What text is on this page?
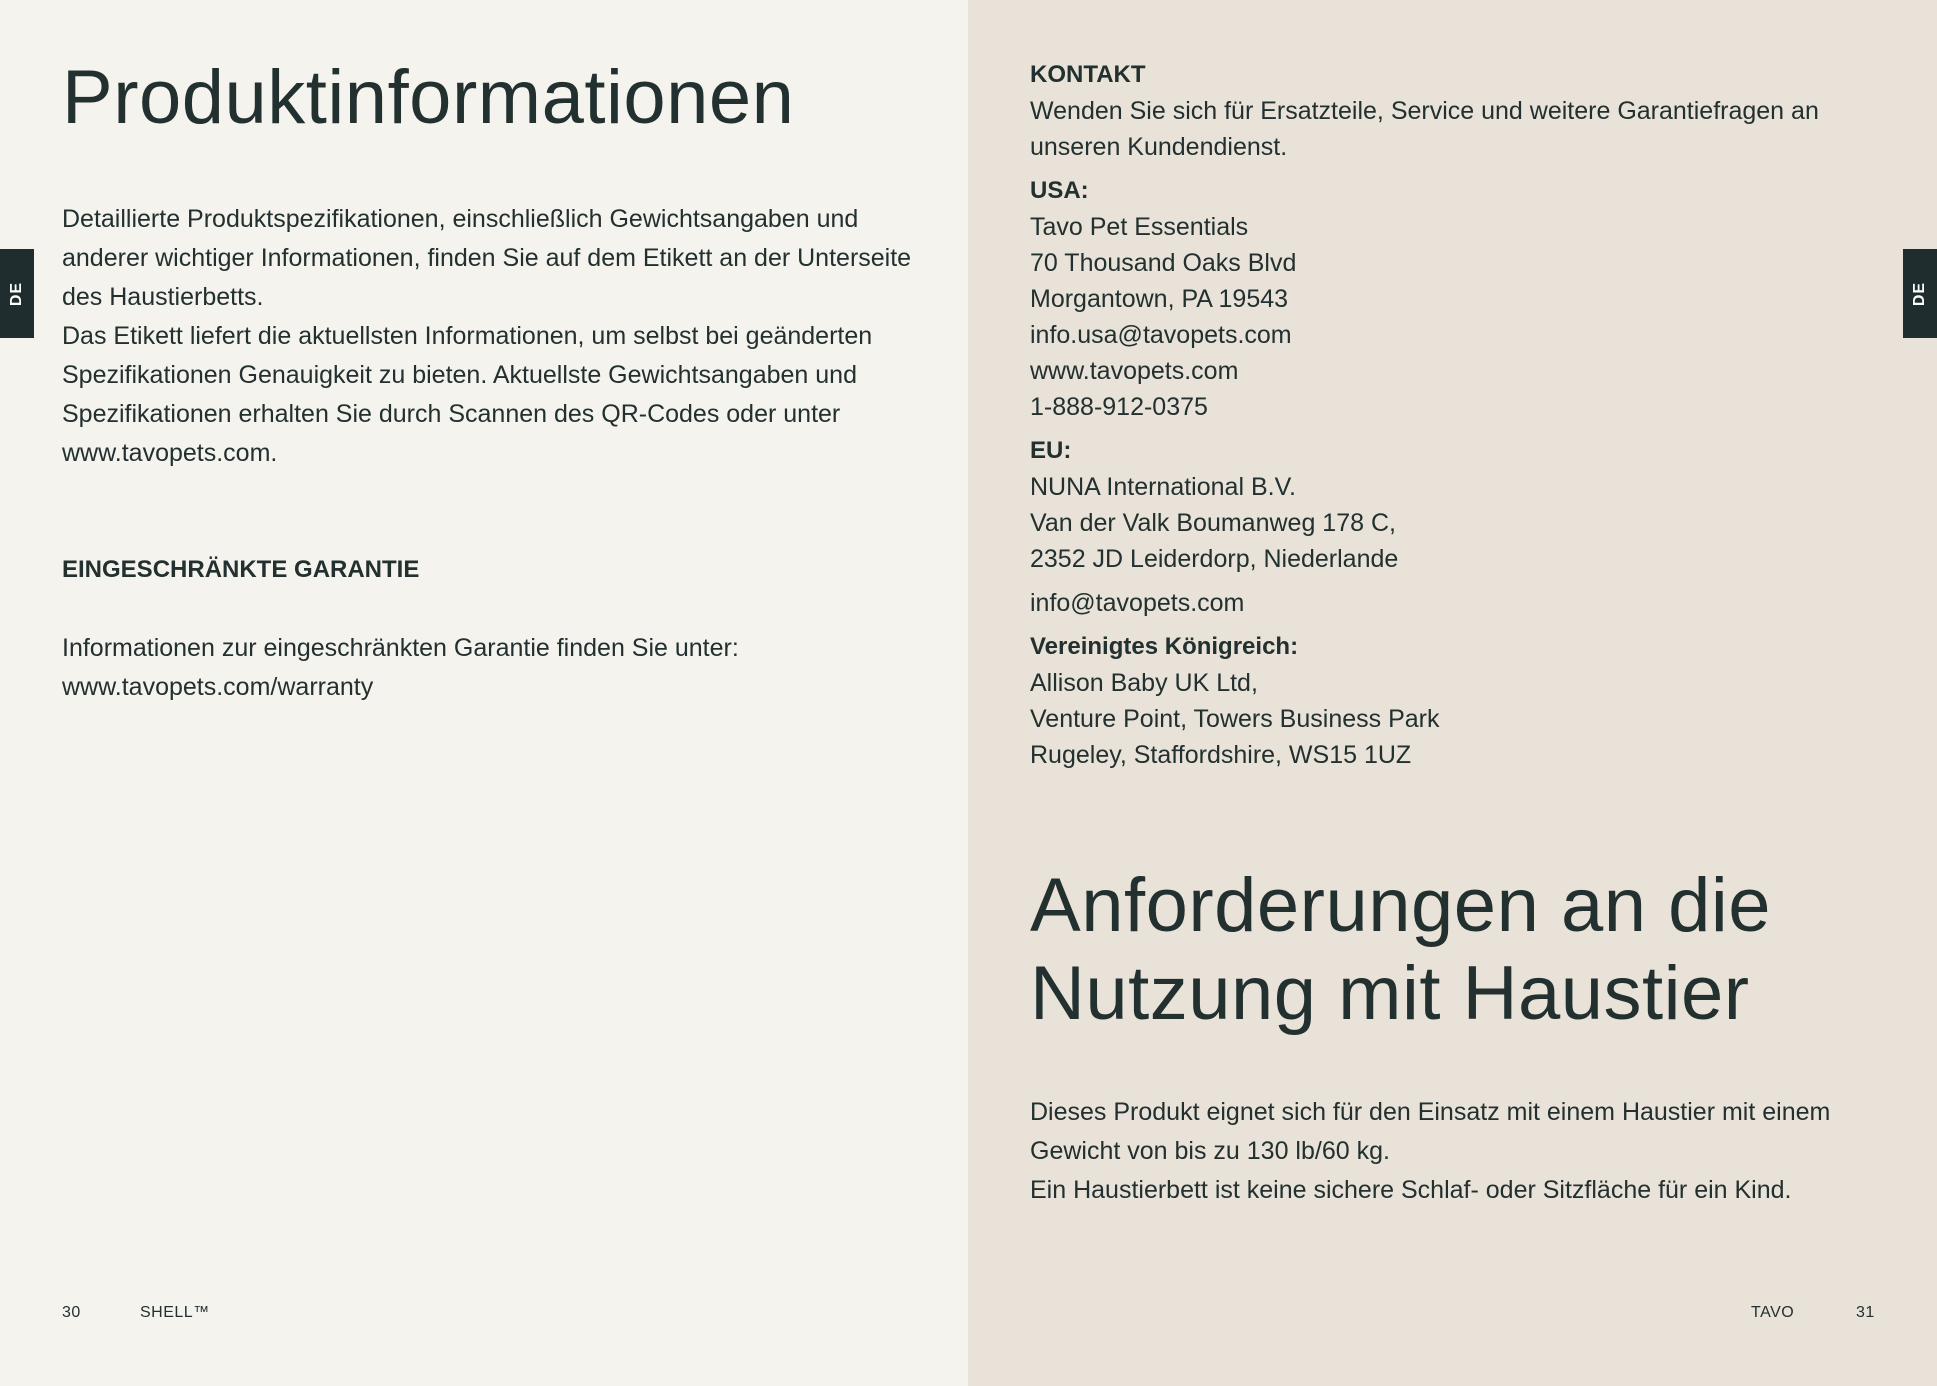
DE
Produktinformationen

Detaillierte Produktspezifikationen, einschließlich Gewichtsangaben und anderer wichtiger Informationen, finden Sie auf dem Etikett an der Unterseite des Haustierbetts.

Das Etikett liefert die aktuellsten Informationen, um selbst bei geänderten Spezifikationen Genauigkeit zu bieten. Aktuellste Gewichtsangaben und Spezifikationen erhalten Sie durch Scannen des QR-Codes oder unter www.tavopets.com.

EINGESCHRÄNKTE GARANTIE
Informationen zur eingeschränkten Garantie finden Sie unter:
www.tavopets.com/warranty
30	SHELL™
DE
KONTAKT
Wenden Sie sich für Ersatzteile, Service und weitere Garantiefragen an unseren Kundendienst.
USA:
Tavo Pet Essentials
70 Thousand Oaks Blvd
Morgantown, PA 19543
info.usa@tavopets.com
www.tavopets.com
1-888-912-0375
EU:
NUNA International B.V.
Van der Valk Boumanweg 178 C,
2352 JD Leiderdorp, Niederlande
info@tavopets.com
Vereinigtes Königreich:
Allison Baby UK Ltd,
Venture Point, Towers Business Park
Rugeley, Staffordshire, WS15 1UZ
Anforderungen an die
Nutzung mit Haustier

Dieses Produkt eignet sich für den Einsatz mit einem Haustier mit einem Gewicht von bis zu 130 lb/60 kg.

Ein Haustierbett ist keine sichere Schlaf- oder Sitzfläche für ein Kind.

TAVO	31
